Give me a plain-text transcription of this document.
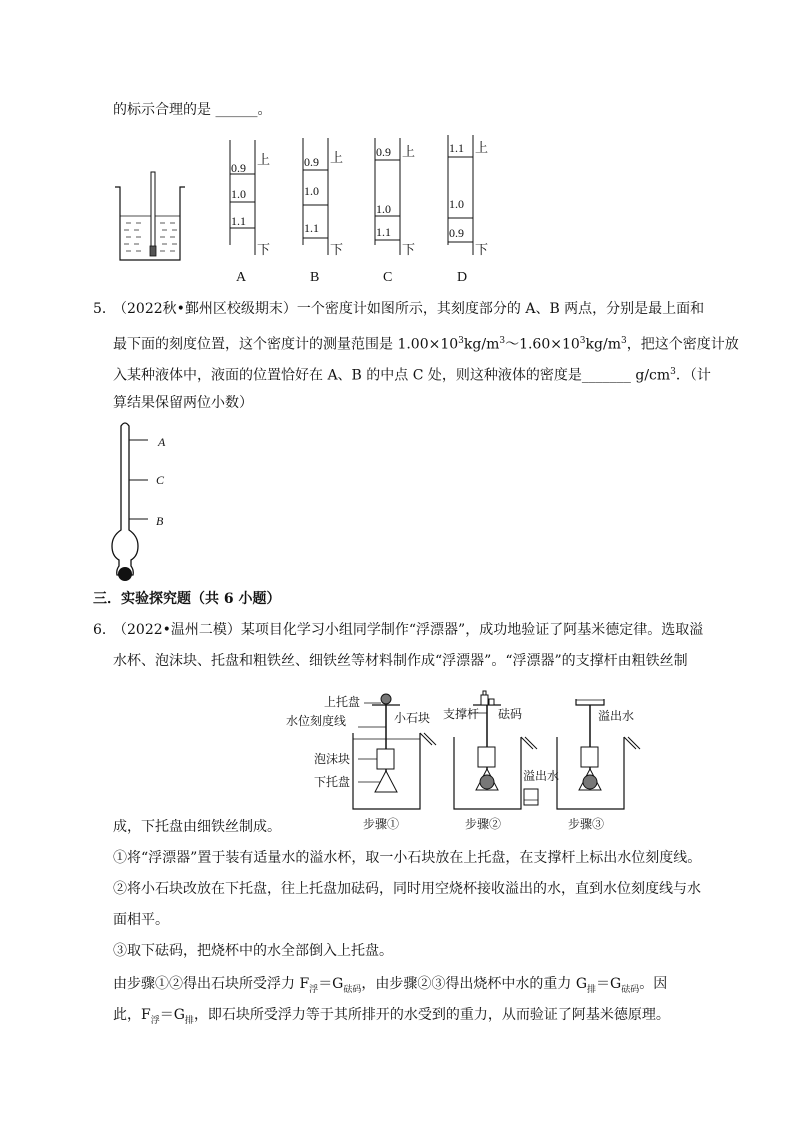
的标示合理的是 ______。
0.9
1.0
1.1
上
下
A
0.9
1.0
1.1
上
下
B
0.9
1.0
1.1
上
下
C
1.1
1.0
0.9
上
下
D
5．
（2022秋•鄞州区校级期末）一个密度计如图所示，其刻度部分的 A、B 两点，分别是最上面和
最下面的刻度位置，这个密度计的测量范围是 $1.00\times 10^3kg/m^3\sim 1.60\times 10^3kg/m^3$，把这个密度计放
入某种液体中，液面的位置恰好在 A、B 的中点 C 处，则这种液体的密度是_______ $g/cm^3$．（计
算结果保留两位小数）
A
C
B
三．实验探究题（共 6 小题）
6．
（2022•温州二模）某项目化学习小组同学制作“浮漂器”，成功地验证了阿基米德定律。选取溢
水杯、泡沫块、托盘和粗铁丝、细铁丝等材料制作成“浮漂器”。“浮漂器”的支撑杆由粗铁丝制
上托盘
水位刻度线	小石块
泡沫块
下托盘
步骤①
支撑杆 砝码
溢出水
步骤②
溢出水
步骤③
成，下托盘由细铁丝制成。
①将“浮漂器”置于装有适量水的溢水杯，取一小石块放在上托盘，在支撑杆上标出水位刻度线。
②将小石块改放在下托盘，往上托盘加砝码，同时用空烧杯接收溢出的水，直到水位刻度线与水
面相平。
③取下砝码，把烧杯中的水全部倒入上托盘。
由步骤①②得出石块所受浮力 $F_浮=G_{砝码}$，由步骤②③得出烧杯中水的重力 $G_排=G_{砝码}$。因
此，$F_浮=G_排$，即石块所受浮力等于其所排开的水受到的重力，从而验证了阿基米德原理。
